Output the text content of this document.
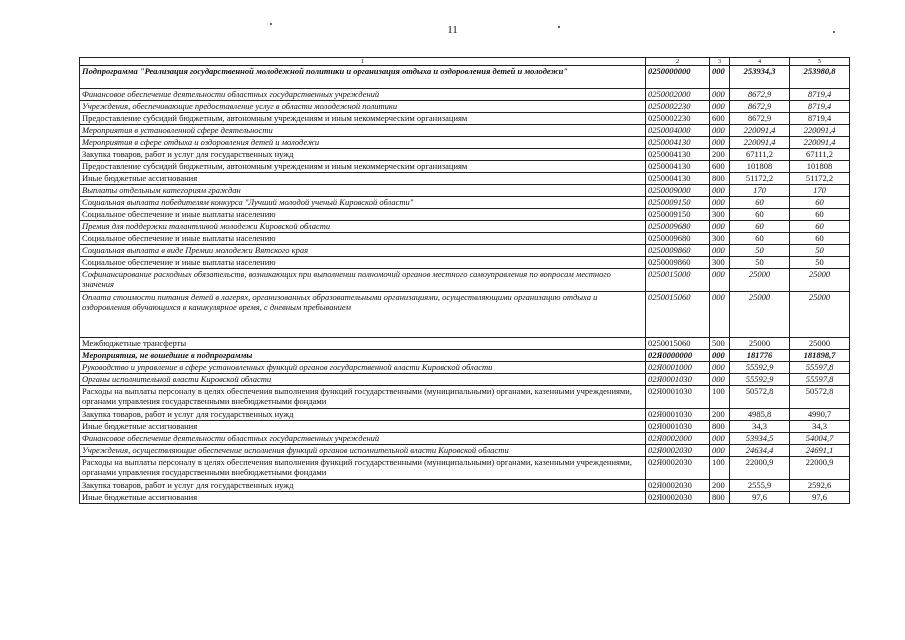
11
1	2	3	4	5
Подпрограмма "Реализация государственной молодежной политики и организация отдыха и оздоровления детей и молодежи"	0250000000	000	253934,3	253980,8
Финансовое обеспечение деятельности областных государственных учреждений	0250002000	000	8672,9	8719,4
Учреждения, обеспечивающие предоставление услуг в области молодежной политики	0250002230	000	8672,9	8719,4
Предоставление субсидий бюджетным, автономным учреждениям и иным некоммерческим организациям	0250002230	600	8672,9	8719,4
Мероприятия в установленной сфере деятельности	0250004000	000	220091,4	220091,4
Мероприятия в сфере отдыха и оздоровления детей и молодежи	0250004130	000	220091,4	220091,4
Закупка товаров, работ и услуг для государственных нужд	0250004130	200	67111,2	67111,2
Предоставление субсидий бюджетным, автономным учреждениям и иным некоммерческим организациям	0250004130	600	101808	101808
Иные бюджетные ассигнования	0250004130	800	51172,2	51172,2
Выплаты отдельным категориям граждан	0250009000	000	170	170
Социальная выплата победителям конкурса "Лучший молодой ученый Кировской области"	0250009150	000	60	60
Социальное обеспечение и иные выплаты населению	0250009150	300	60	60
Премия для поддержки талантливой молодежи Кировской области	0250009680	000	60	60
Социальное обеспечение и иные выплаты населению	0250009680	300	60	60
Социальная выплата в виде Премии молодежи Вятского края	0250009860	000	50	50
Социальное обеспечение и иные выплаты населению	0250009860	300	50	50
Софинансирование расходных обязательств, возникающих при выполнении полномочий органов местного самоуправления по вопросам местного значения	0250015000	000	25000	25000
Оплата стоимости питания детей в лагерях, организованных образовательными организациями, осуществляющими организацию отдыха и оздоровления обучающихся в каникулярное время, с дневным пребыванием	0250015060	000	25000	25000
Межбюджетные трансферты	0250015060	500	25000	25000
Мероприятия, не вошедшие в подпрограммы	02Я0000000	000	181776	181898,7
Руководство и управление в сфере установленных функций органов государственной власти Кировской области	02Я0001000	000	55592,9	55597,8
Органы исполнительной власти Кировской области	02Я0001030	000	55592,9	55597,8
Расходы на выплаты персоналу в целях обеспечения выполнения функций государственными (муниципальными) органами, казенными учреждениями, органами управления государственными внебюджетными фондами	02Я0001030	100	50572,8	50572,8
Закупка товаров, работ и услуг для государственных нужд	02Я0001030	200	4985,8	4990,7
Иные бюджетные ассигнования	02Я0001030	800	34,3	34,3
Финансовое обеспечение деятельности областных государственных учреждений	02Я0002000	000	53934,5	54004,7
Учреждения, осуществляющие обеспечение исполнения функций органов исполнительной власти Кировской области	02Я0002030	000	24634,4	24691,1
Расходы на выплаты персоналу в целях обеспечения выполнения функций государственными (муниципальными) органами, казенными учреждениями, органами управления государственными внебюджетными фондами	02Я0002030	100	22000,9	22000,9
Закупка товаров, работ и услуг для государственных нужд	02Я0002030	200	2555,9	2592,6
Иные бюджетные ассигнования	02Я0002030	800	97,6	97,6
